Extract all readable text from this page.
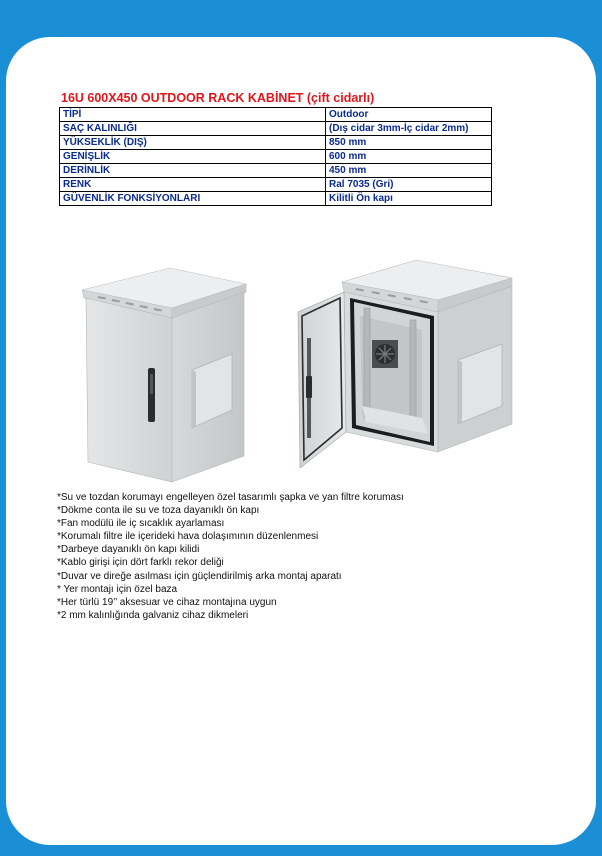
16U 600X450 OUTDOOR RACK KABİNET (çift cidarlı)
TİPİ	Outdoor
SAÇ KALINLIĞI	(Dış cidar 3mm-İç cidar 2mm)
YÜKSEKLİK (DIŞ)	850 mm
GENİŞLİK	600 mm
DERİNLİK	450 mm
RENK	Ral 7035 (Gri)
GÜVENLİK FONKSİYONLARI	Kilitli Ön kapı
*Su ve tozdan korumayı engelleyen özel tasarımlı şapka ve yan filtre koruması
*Dökme conta ile su ve toza dayanıklı ön kapı
*Fan modülü ile iç sıcaklık ayarlaması
*Korumalı filtre ile içerideki hava dolaşımının düzenlenmesi
*Darbeye dayanıklı ön kapı kilidi
*Kablo girişi için dört farklı rekor deliği
*Duvar ve direğe asılması için güçlendirilmiş arka montaj aparatı
* Yer montajı için özel baza
*Her türlü 19’’ aksesuar ve cihaz montajına uygun
*2 mm kalınlığında galvaniz cihaz dikmeleri
